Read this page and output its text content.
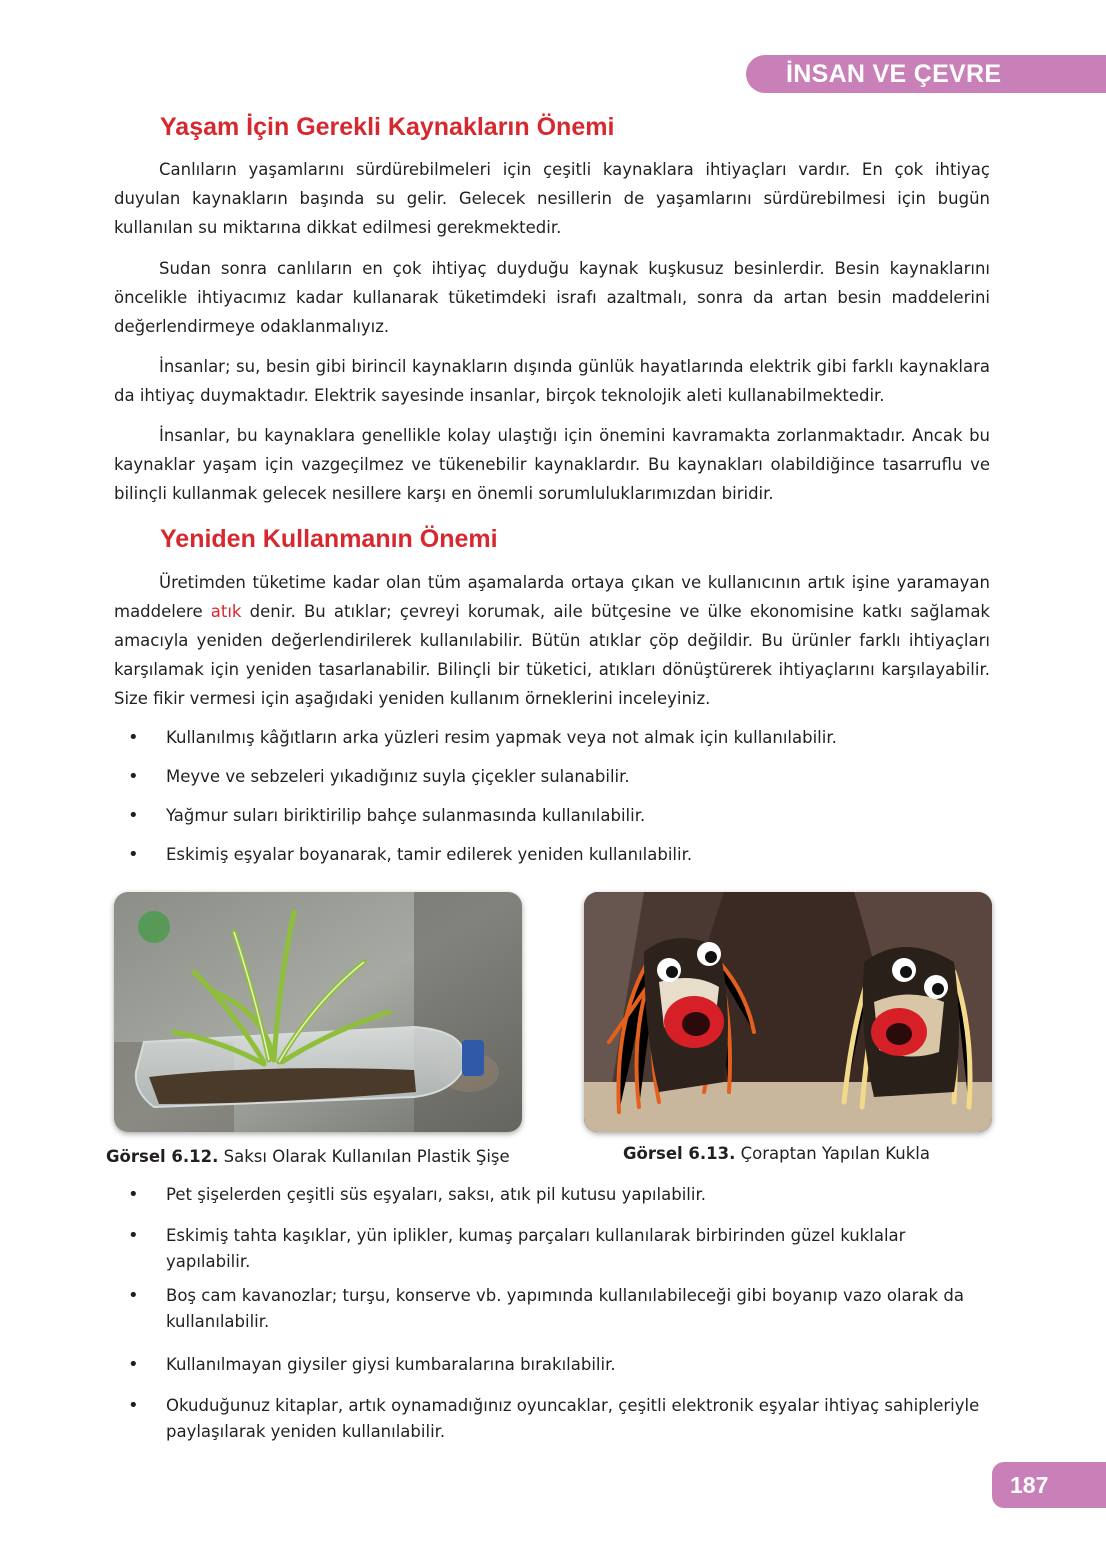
İNSAN VE ÇEVRE
Yaşam İçin Gerekli Kaynakların Önemi

Canlıların yaşamlarını sürdürebilmeleri için çeşitli kaynaklara ihtiyaçları vardır. En çok ihtiyaç duyulan kaynakların başında su gelir. Gelecek nesillerin de yaşamlarını sürdürebilmesi için bugün kullanılan su miktarına dikkat edilmesi gerekmektedir.

Sudan sonra canlıların en çok ihtiyaç duyduğu kaynak kuşkusuz besinlerdir. Besin kaynaklarını öncelikle ihtiyacımız kadar kullanarak tüketimdeki israfı azaltmalı, sonra da artan besin maddelerini değerlendirmeye odaklanmalıyız.

İnsanlar; su, besin gibi birincil kaynakların dışında günlük hayatlarında elektrik gibi farklı kaynaklara da ihtiyaç duymaktadır. Elektrik sayesinde insanlar, birçok teknolojik aleti kullanabilmektedir.

İnsanlar, bu kaynaklara genellikle kolay ulaştığı için önemini kavramakta zorlanmaktadır. Ancak bu kaynaklar yaşam için vazgeçilmez ve tükenebilir kaynaklardır. Bu kaynakları olabildiğince tasarruflu ve bilinçli kullanmak gelecek nesillere karşı en önemli sorumluluklarımızdan biridir.

Yeniden Kullanmanın Önemi

Üretimden tüketime kadar olan tüm aşamalarda ortaya çıkan ve kullanıcının artık işine yaramayan maddelere atık denir. Bu atıklar; çevreyi korumak, aile bütçesine ve ülke ekonomisine katkı sağlamak amacıyla yeniden değerlendirilerek kullanılabilir. Bütün atıklar çöp değildir. Bu ürünler farklı ihtiyaçları karşılamak için yeniden tasarlanabilir. Bilinçli bir tüketici, atıkları dönüştürerek ihtiyaçlarını karşılayabilir. Size fikir vermesi için aşağıdaki yeniden kullanım örneklerini inceleyiniz.

• Kullanılmış kâğıtların arka yüzleri resim yapmak veya not almak için kullanılabilir.
• Meyve ve sebzeleri yıkadığınız suyla çiçekler sulanabilir.
• Yağmur suları biriktirilip bahçe sulanmasında kullanılabilir.
• Eskimiş eşyalar boyanarak, tamir edilerek yeniden kullanılabilir.

Görsel 6.12. Saksı Olarak Kullanılan Plastik Şişe	Görsel 6.13. Çoraptan Yapılan Kukla

• Pet şişelerden çeşitli süs eşyaları, saksı, atık pil kutusu yapılabilir.
• Eskimiş tahta kaşıklar, yün iplikler, kumaş parçaları kullanılarak birbirinden güzel kuklalar yapılabilir.
• Boş cam kavanozlar; turşu, konserve vb. yapımında kullanılabileceği gibi boyanıp vazo olarak da kullanılabilir.
• Kullanılmayan giysiler giysi kumbaralarına bırakılabilir.
• Okuduğunuz kitaplar, artık oynamadığınız oyuncaklar, çeşitli elektronik eşyalar ihtiyaç sahipleriyle paylaşılarak yeniden kullanılabilir.
187
